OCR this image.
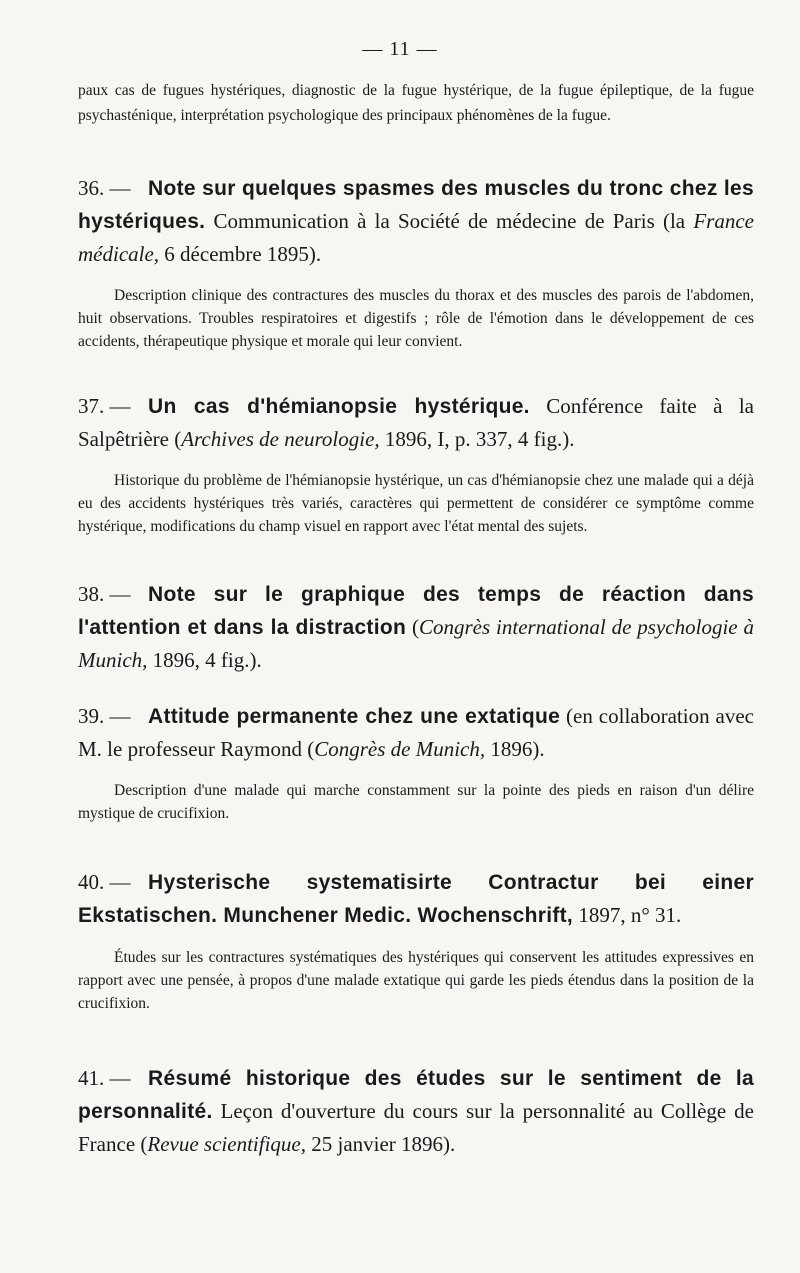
— 11 —

paux cas de fugues hystériques, diagnostic de la fugue hystérique, de la fugue épileptique, de la fugue psychasténique, interprétation psychologique des principaux phénomènes de la fugue.

36. — Note sur quelques spasmes des muscles du tronc chez les hystériques. Communication à la Société de médecine de Paris (la France médicale, 6 décembre 1895).

Description clinique des contractures des muscles du thorax et des muscles des parois de l'abdomen, huit observations. Troubles respiratoires et digestifs ; rôle de l'émotion dans le développement de ces accidents, thérapeutique physique et morale qui leur convient.

37. — Un cas d'hémianopsie hystérique. Conférence faite à la Salpêtrière (Archives de neurologie, 1896, I, p. 337, 4 fig.).

Historique du problème de l'hémianopsie hystérique, un cas d'hémianopsie chez une malade qui a déjà eu des accidents hystériques très variés, caractères qui permettent de considérer ce symptôme comme hystérique, modifications du champ visuel en rapport avec l'état mental des sujets.

38. — Note sur le graphique des temps de réaction dans l'attention et dans la distraction (Congrès international de psychologie à Munich, 1896, 4 fig.).

39. — Attitude permanente chez une extatique (en collaboration avec M. le professeur Raymond (Congrès de Munich, 1896).

Description d'une malade qui marche constamment sur la pointe des pieds en raison d'un délire mystique de crucifixion.

40. — Hysterische systematisirte Contractur bei einer Ekstatischen. Munchener Medic. Wochenschrift, 1897, n° 31.

Études sur les contractures systématiques des hystériques qui conservent les attitudes expressives en rapport avec une pensée, à propos d'une malade extatique qui garde les pieds étendus dans la position de la crucifixion.

41. — Résumé historique des études sur le sentiment de la personnalité. Leçon d'ouverture du cours sur la personnalité au Collège de France (Revue scientifique, 25 janvier 1896).
